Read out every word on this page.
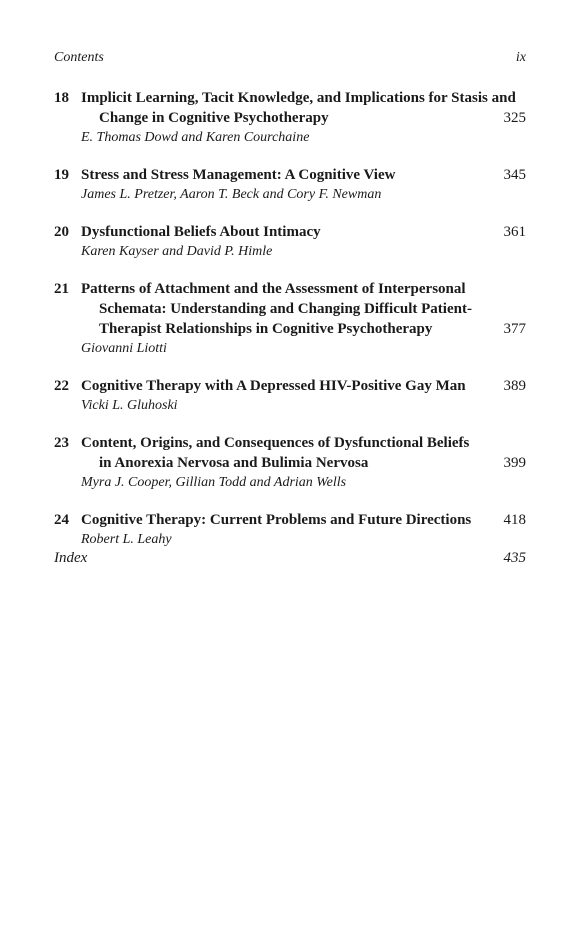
Contents	ix
18 Implicit Learning, Tacit Knowledge, and Implications for Stasis and Change in Cognitive Psychotherapy	325
E. Thomas Dowd and Karen Courchaine
19 Stress and Stress Management: A Cognitive View	345
James L. Pretzer, Aaron T. Beck and Cory F. Newman
20 Dysfunctional Beliefs About Intimacy	361
Karen Kayser and David P. Himle
21 Patterns of Attachment and the Assessment of Interpersonal Schemata: Understanding and Changing Difficult Patient-Therapist Relationships in Cognitive Psychotherapy	377
Giovanni Liotti
22 Cognitive Therapy with A Depressed HIV-Positive Gay Man	389
Vicki L. Gluhoski
23 Content, Origins, and Consequences of Dysfunctional Beliefs in Anorexia Nervosa and Bulimia Nervosa	399
Myra J. Cooper, Gillian Todd and Adrian Wells
24 Cognitive Therapy: Current Problems and Future Directions	418
Robert L. Leahy
Index	435
